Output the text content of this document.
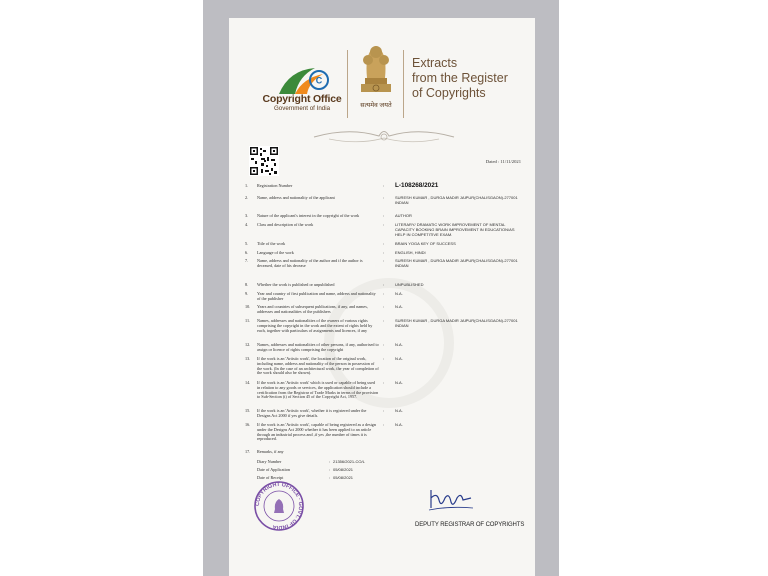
C
Copyright Office
Government of India	सत्यमेव जयते
Extracts
from the Register
of Copyrights
Dated : 11/11/2021
1.	Registration Number	: L-108268/2021
2.	Name, address and nationality of the applicant	:	SURESH KUMAR , DURGA MADIR JAIPUR(CHALISGAON)-277001 INDIAN
3.	Nature of the applicant's interest in the copyright of the work	:	AUTHOR
4.	Class and description of the work	:	LITERARY/ DRAMATIC WORK IMPROVEMENT OF MENTAL CAPACITY BOOKING BRAIN IMPROVEMENT IN EDUCATION/AS HELP IN COMPETITIVE EXAM.
5.	Title of the work	:	BRAIN YOGA KEY OF SUCCESS
6.	Language of the work	:	ENGLISH, HINDI
7.	Name, address and nationality of the author and if the author is deceased, date of his decease
:	SURESH KUMAR , DURGA MADIR JAIPUR(CHALISGAON)-277001 INDIAN
8.	Whether the work is published or unpublished	:	UNPUBLISHED
9.	Year and country of first publication and name, address and nationality of the publisher
:	N.A.
10.	Years and countries of subsequent publications, if any, and names, addresses and nationalities of the publishers
:	N.A.
11.	Names, addresses and nationalities of the owners of various rights comprising the copyright in the work and the extent of rights held by each, together with particulars of assignments and licences, if any
:	SURESH KUMAR , DURGA MADIR JAIPUR(CHALISGAON)-277001 INDIAN
12.	Names, addresses and nationalities of other persons, if any, authorised to assign or licence of rights comprising the copyright
:	N.A.
13.	If the work is an 'Artistic work', the location of the original work, including name, address and nationality of the person in possession of the work. (In the case of an architectural work, the year of completion of the work should also be shown).
:	N.A.
14.	If the work is an 'Artistic work' which is used or capable of being used in relation to any goods or services, the application should include a certification from the Registrar of Trade Marks in terms of the provision to Sub-Section (i) of Section 45 of the Copyright Act, 1957.
:	N.A.
15.	If the work is an 'Artistic work', whether it is registered under the Designs Act 2000 if yes give details.
:	N.A.
16.	If the work is an 'Artistic work', capable of being registered as a design under the Designs Act 2000 whether it has been applied to an article through an industrial process and ,if yes ,the number of times it is reproduced.
:	N.A.
17.	Remarks, if any
Diary Number	: 21356/2021-CO/L
Date of Application	: 05/08/2021
Date of Receipt	: 05/08/2021
COPYRIGHT OFFICE · GOVT. OF INDIA	DEPUTY REGISTRAR OF COPYRIGHTS
